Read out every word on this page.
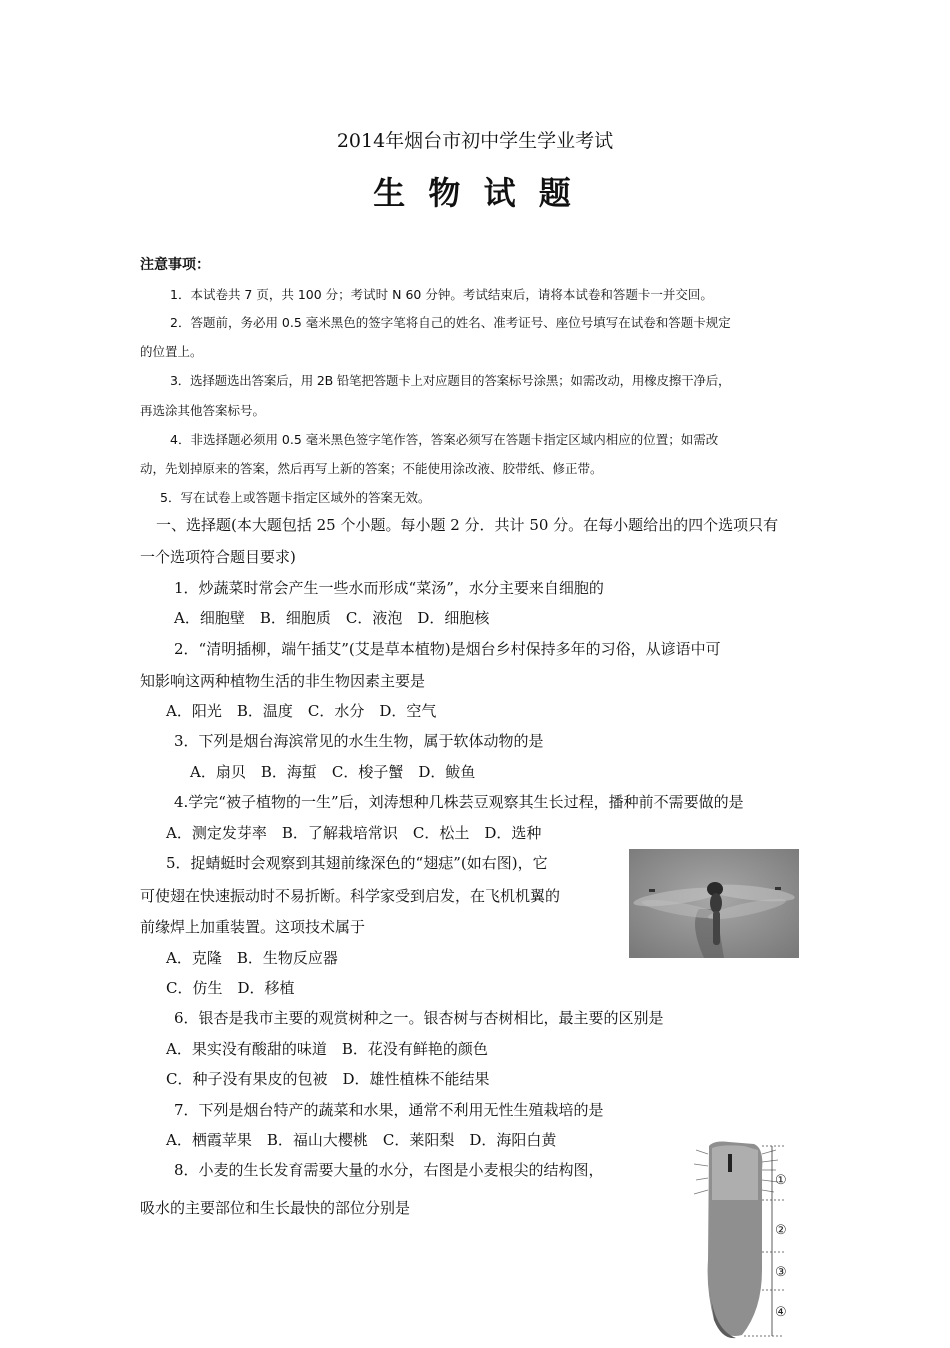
2014年烟台市初中学生学业考试
生 物 试 题
注意事项：
1．本试卷共 7 页，共 100 分；考试时 N 60 分钟。考试结束后，请将本试卷和答题卡一并交回。
2．答题前，务必用 0.5 毫米黑色的签字笔将自己的姓名、准考证号、座位号填写在试卷和答题卡规定
的位置上。
3．选择题选出答案后，用 2B 铅笔把答题卡上对应题目的答案标号涂黑；如需改动，用橡皮擦干净后，
再选涂其他答案标号。
4．非选择题必须用 0.5 毫米黑色签字笔作答，答案必须写在答题卡指定区域内相应的位置；如需改
动，先划掉原来的答案，然后再写上新的答案；不能使用涂改液、胶带纸、修正带。
5．写在试卷上或答题卡指定区域外的答案无效。
一、选择题(本大题包括 25 个小题。每小题 2 分．共计 50 分。在每小题给出的四个选项只有
一个选项符合题目要求)
1．炒蔬菜时常会产生一些水而形成“菜汤”，水分主要来自细胞的
A．细胞壁　B．细胞质　C．液泡　D．细胞核
2．“清明插柳，端午插艾”(艾是草本植物)是烟台乡村保持多年的习俗，从谚语中可
知影响这两种植物生活的非生物因素主要是
A．阳光　B．温度　C．水分　D．空气
3．下列是烟台海滨常见的水生生物，属于软体动物的是
A．扇贝　B．海蜇　C．梭子蟹　D．鲅鱼
4.学完“被子植物的一生”后，刘涛想种几株芸豆观察其生长过程，播种前不需要做的是
A．测定发芽率　B．了解栽培常识　C．松土　D．选种
5．捉蜻蜓时会观察到其翅前缘深色的“翅痣”(如右图)，它
可使翅在快速振动时不易折断。科学家受到启发，在飞机机翼的
前缘焊上加重装置。这项技术属于
A．克隆　B．生物反应器
C．仿生　D．移植
6．银杏是我市主要的观赏树种之一。银杏树与杏树相比，最主要的区别是
A．果实没有酸甜的味道　B．花没有鲜艳的颜色
C．种子没有果皮的包被　D．雄性植株不能结果
7．下列是烟台特产的蔬菜和水果，通常不利用无性生殖栽培的是
A．栖霞苹果　B．福山大樱桃　C．莱阳梨　D．海阳白黄
8．小麦的生长发育需要大量的水分，右图是小麦根尖的结构图，
吸水的主要部位和生长最快的部位分别是
①
②
③
④
